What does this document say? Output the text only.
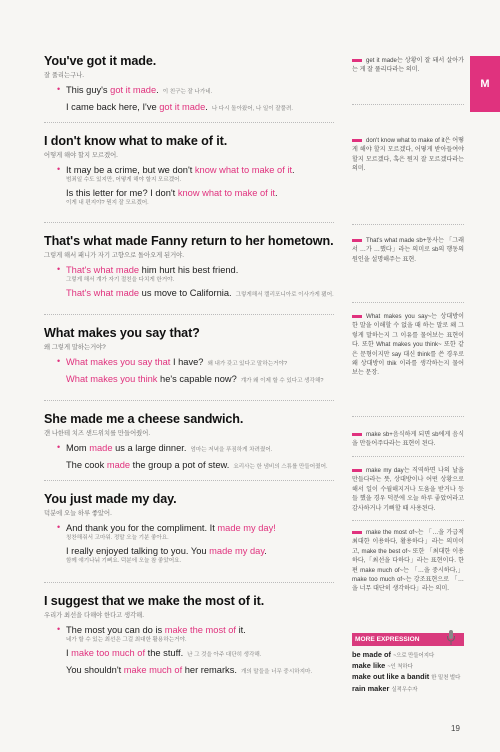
M
You've got it made.
잘 풀리는구나.
• This guy's got it made. 이 친구는 잘 나가네.
I came back here, I've got it made. 나 다시 돌아왔어, 나 일이 잘풀려.
I don't know what to make of it.
어떻게 해야 할지 모르겠어.
• It may be a crime, but we don't know what to make of it.
범죄일 수도 있지만, 어떻게 해야 할지 모르겠어.
Is this letter for me? I don't know what to make of it.
이게 내 편지야? 뭔지 잘 모르겠어.
That's what made Fanny return to her hometown.
그렇게 해서 패니가 자기 고향으로 돌아오게 된거야.
• That's what made him hurt his best friend.
그렇게 해서 걔가 자기 절친을 다치게 한거야.
That's what made us move to California. 그렇게해서 캘리포니아로 이사가게 됐어.
What makes you say that?
왜 그렇게 말하는거야?
• What makes you say that I have? 왜 내가 갖고 있다고 말하는거야?
What makes you think he's capable now? 걔가 왜 이제 할 수 있다고 생각해?
She made me a cheese sandwich.
걘 나한테 치즈 샌드위치를 만들어줬어.
• Mom made us a large dinner. 엄마는 저녁을 푸짐하게 차려줬어.
The cook made the group a pot of stew. 요리사는 한 냄비의 스튜를 만들어줬어.
You just made my day.
덕분에 오늘 하루 좋았어.
• And thank you for the compliment. It made my day!
칭찬해줘서 고마워. 정말 오늘 기분 좋아요.
I really enjoyed talking to you. You made my day.
함께 얘기나눠 기뻐요. 덕분에 오늘 참 좋았어요.
I suggest that we make the most of it.
우리가 최선을 다해야 한다고 생각해.
• The most you can do is make the most of it.
네가 할 수 있는 최선은 그걸 최대한 활용하는거야.
I make too much of the stuff. 난 그 것을 아주 대단히 생각해.
You shouldn't make much of her remarks. 개의 말들을 너무 중시하지마.
get it made는 상황이 잘 돼서 살아가는 게 잘 풀리다라는 의미.
don't know what to make of it은 어떻게 해야 할지 모르겠다, 어떻게 받아들여야 할지 모르겠다, 혹은 뭔지 잘 모르겠다라는 의미.
That's what made sb+동사는 「그래서 …가 …했다」라는 의미로 sb의 행동의 원인을 설명해주는 표현.
What makes you say~는 상대방이 한 말을 이해할 수 없을 때 하는 말로 왜 그렇게 말하는지 그 이유를 물어보는 표현이다. 또한 What makes you think~ 또한 같은 문형이지만 say 대신 think를 쓴 경우로 왜 상대방이 thik 이라를 생각하는지 물어보는 문장.
make sb+음식하게 되면 sb에게 음식을 만들어주다라는 표현이 된다.
make my day는 직역하면 나의 날을 만들다라는 뜻, 상대방이나 어떤 상황으로 해서 일이 수월해지거나 도움을 받거나 등들 했을 경우 덕분에 오늘 하루 좋았어라고 감사하거나 기뻐할 때 사용된다.
make the most of~는 「…을 가급적 최대한 이용하다, 활용하다」라는 의미이고, make the best of~ 또한 「최대한 이용하다,「최선을 다하다」라는 표현이다. 한편 make much of~는 「…을 중시하다,」 make too much of~는 강조표현으로 「…을 너무 대단히 생각하다」라는 의미.
MORE EXPRESSION
be made of ~으로 만들어지다
make like ~인 척하다
make out like a bandit 한 밑천 벌다
rain maker 실적우수자
19
